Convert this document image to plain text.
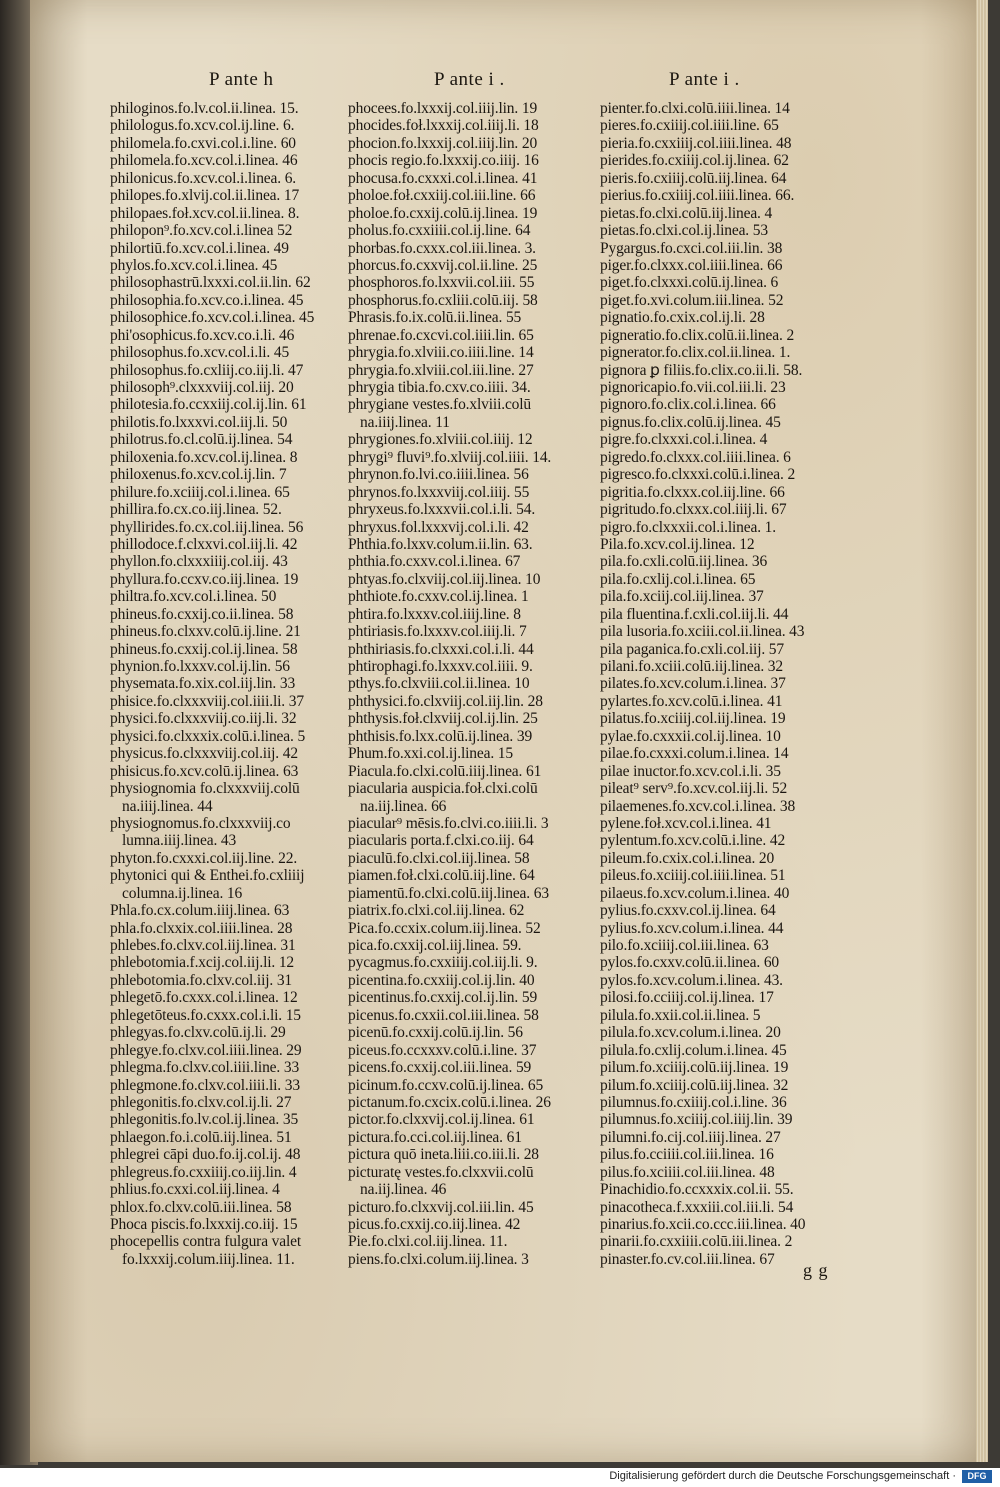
P ante h	P ante i .	P ante i .
philoginos.fo.lv.col.ii.linea. 15.
philologus.fo.xcv.col.ij.line. 6.
philomela.fo.cxvi.col.i.line. 60
philomela.fo.xcv.col.i.linea. 46
philonicus.fo.xcv.col.i.linea. 6.
philopes.fo.xlvij.col.ii.linea. 17
philopaes.foł.xcv.col.ii.linea. 8.
philopon⁹.fo.xcv.col.i.linea 52
philortiū.fo.xcv.col.i.linea. 49
phylos.fo.xcv.col.i.linea. 45
philosophastrū.lxxxi.col.ii.lin. 62
philosophia.fo.xcv.co.i.linea. 45
philosophice.fo.xcv.col.i.linea. 45
phi'osophicus.fo.xcv.co.i.li. 46
philosophus.fo.xcv.col.i.li. 45
philosophus.fo.cxliij.co.iij.li. 47
philosoph⁹.clxxxviij.col.iij. 20
philotesia.fo.ccxxiij.col.ij.lin. 61
philotis.fo.lxxxvi.col.iij.li. 50
philotrus.fo.cl.colū.ij.linea. 54
philoxenia.fo.xcv.col.ij.linea. 8
philoxenus.fo.xcv.col.ij.lin. 7
philure.fo.xciiij.col.i.linea. 65
phillira.fo.cx.co.iij.linea. 52.
phyllirides.fo.cx.col.iij.linea. 56
phillodoce.f.clxxvi.col.iij.li. 42
phyllon.fo.clxxxiiij.col.iij. 43
phyllura.fo.ccxv.co.iij.linea. 19
philtra.fo.xcv.col.i.linea. 50
phineus.fo.cxxij.co.ii.linea. 58
phineus.fo.clxxv.colū.ij.line. 21
phineus.fo.cxxij.col.ij.linea. 58
phynion.fo.lxxxv.col.ij.lin. 56
physemata.fo.xix.col.iij.lin. 33
phisice.fo.clxxxviij.col.iiii.li. 37
physici.fo.clxxxviij.co.iij.li. 32
physici.fo.clxxxix.colū.i.linea. 5
physicus.fo.clxxxviij.col.iij. 42
phisicus.fo.xcv.colū.ij.linea. 63
physiognomia fo.clxxxviij.colū
na.iiij.linea. 44
physiognomus.fo.clxxxviij.co
lumna.iiij.linea. 43
phyton.fo.cxxxi.col.iij.line. 22.
phytonici qui & Enthei.fo.cxliiij
columna.ij.linea. 16
Phla.fo.cx.colum.iiij.linea. 63
phla.fo.clxxix.col.iiii.linea. 28
phlebes.fo.clxv.col.iij.linea. 31
phlebotomia.f.xcij.col.iij.li. 12
phlebotomia.fo.clxv.col.iij. 31
phlegetō.fo.cxxx.col.i.linea. 12
phlegetōteus.fo.cxxx.col.i.li. 15
phlegyas.fo.clxv.colū.ij.li. 29
phlegye.fo.clxv.col.iiii.linea. 29
phlegma.fo.clxv.col.iiii.line. 33
phlegmone.fo.clxv.col.iiii.li. 33
phlegonitis.fo.clxv.col.ij.li. 27
phlegonitis.fo.lv.col.ij.linea. 35
phlaegon.fo.i.colū.iij.linea. 51
phlegrei cāpi duo.fo.ij.col.ij. 48
phlegreus.fo.cxxiiij.co.iij.lin. 4
phlius.fo.cxxi.col.iij.linea. 4
phlox.fo.clxv.colū.iii.linea. 58
Phoca piscis.fo.lxxxij.co.iij. 15
phocepellis contra fulgura valet
fo.lxxxij.colum.iiij.linea. 11.
phocees.fo.lxxxij.col.iiij.lin. 19
phocides.foł.lxxxij.col.iiij.li. 18
phocion.fo.lxxxij.col.iiij.lin. 20
phocis regio.fo.lxxxij.co.iiij. 16
phocusa.fo.cxxxi.col.i.linea. 41
pholoe.foł.cxxiij.col.iii.line. 66
pholoe.fo.cxxij.colū.ij.linea. 19
pholus.fo.cxxiiii.col.ij.line. 64
phorbas.fo.cxxx.col.iii.linea. 3.
phorcus.fo.cxxvij.col.ii.line. 25
phosphoros.fo.lxxvii.col.iii. 55
phosphorus.fo.cxliii.colū.iij. 58
Phrasis.fo.ix.colū.ii.linea. 55
phrenae.fo.cxcvi.col.iiii.lin. 65
phrygia.fo.xlviii.co.iiii.line. 14
phrygia.fo.xlviii.col.iii.line. 27
phrygia tibia.fo.cxv.co.iiii. 34.
phrygiane vestes.fo.xlviii.colū
na.iiij.linea. 11
phrygiones.fo.xlviii.col.iiij. 12
phrygi⁹ fluvi⁹.fo.xlviij.col.iiii. 14.
phrynon.fo.lvi.co.iiii.linea. 56
phrynos.fo.lxxxviij.col.iiij. 55
phryxeus.fo.lxxxvii.col.i.li. 54.
phryxus.fol.lxxxvij.col.i.li. 42
Phthia.fo.lxxv.colum.ii.lin. 63.
phthia.fo.cxxv.col.i.linea. 67
phtyas.fo.clxviij.col.iij.linea. 10
phthiote.fo.cxxv.col.ij.linea. 1
phtira.fo.lxxxv.col.iiij.line. 8
phtiriasis.fo.lxxxv.col.iiij.li. 7
phthiriasis.fo.clxxxi.col.i.li. 44
phtirophagi.fo.lxxxv.col.iiii. 9.
pthys.fo.clxviii.col.ii.linea. 10
phthysici.fo.clxviij.col.iij.lin. 28
phthysis.foł.clxviij.col.ij.lin. 25
phthisis.fo.lxx.colū.ij.linea. 39
Phum.fo.xxi.col.ij.linea. 15
Piacula.fo.clxi.colū.iiij.linea. 61
piacularia auspicia.foł.clxi.colū
na.iij.linea. 66
piacular⁹ mēsis.fo.clvi.co.iiii.li. 3
piacularis porta.f.clxi.co.iij. 64
piaculū.fo.clxi.col.iij.linea. 58
piamen.foł.clxi.colū.iij.line. 64
piamentū.fo.clxi.colū.iij.linea. 63
piatrix.fo.clxi.col.iij.linea. 62
Pica.fo.ccxix.colum.iij.linea. 52
pica.fo.cxxij.col.iij.linea. 59.
pycagmus.fo.cxxiiij.col.iij.li. 9.
picentina.fo.cxxiij.col.ij.lin. 40
picentinus.fo.cxxij.col.ij.lin. 59
picenus.fo.cxxii.col.iii.linea. 58
picenū.fo.cxxij.colū.ij.lin. 56
piceus.fo.ccxxxv.colū.i.line. 37
picens.fo.cxxij.col.iii.linea. 59
picinum.fo.ccxv.colū.ij.linea. 65
pictanum.fo.cxcix.colū.i.linea. 26
pictor.fo.clxxvij.col.ij.linea. 61
pictura.fo.cci.col.iij.linea. 61
pictura quō ineta.liii.co.iii.li. 28
picturatę vestes.fo.clxxvii.colū
na.iij.linea. 46
picturo.fo.clxxvij.col.iii.lin. 45
picus.fo.cxxij.co.iij.linea. 42
Pie.fo.clxi.col.iij.linea. 11.
piens.fo.clxi.colum.iij.linea. 3
pienter.fo.clxi.colū.iiii.linea. 14
pieres.fo.cxiiij.col.iiii.line. 65
pieria.fo.cxxiiij.col.iiii.linea. 48
pierides.fo.cxiiij.col.ij.linea. 62
pieris.fo.cxiiij.colū.iij.linea. 64
pierius.fo.cxiiij.col.iiii.linea. 66.
pietas.fo.clxi.colū.iij.linea. 4
pietas.fo.clxi.col.ij.linea. 53
Pygargus.fo.cxci.col.iii.lin. 38
piger.fo.clxxx.col.iiii.linea. 66
piget.fo.clxxxi.colū.ij.linea. 6
piget.fo.xvi.colum.iii.linea. 52
pignatio.fo.cxix.col.ij.li. 28
pigneratio.fo.clix.colū.ii.linea. 2
pignerator.fo.clix.col.ii.linea. 1.
pignora ꝑ filiis.fo.clix.co.ii.li. 58.
pignoricapio.fo.vii.col.iii.li. 23
pignoro.fo.clix.col.i.linea. 66
pignus.fo.clix.colū.ij.linea. 45
pigre.fo.clxxxi.col.i.linea. 4
pigredo.fo.clxxx.col.iiii.linea. 6
pigresco.fo.clxxxi.colū.i.linea. 2
pigritia.fo.clxxx.col.iij.line. 66
pigritudo.fo.clxxx.col.iiij.li. 67
pigro.fo.clxxxii.col.i.linea. 1.
Pila.fo.xcv.col.ij.linea. 12
pila.fo.cxli.colū.iij.linea. 36
pila.fo.cxlij.col.i.linea. 65
pila.fo.xciij.col.iij.linea. 37
pila fluentina.f.cxli.col.iij.li. 44
pila lusoria.fo.xciii.col.ii.linea. 43
pila paganica.fo.cxli.col.iij. 57
pilani.fo.xciii.colū.iij.linea. 32
pilates.fo.xcv.colum.i.linea. 37
pylartes.fo.xcv.colū.i.linea. 41
pilatus.fo.xciiij.col.iij.linea. 19
pylae.fo.cxxxii.col.ij.linea. 10
pilae.fo.cxxxi.colum.i.linea. 14
pilae inuctor.fo.xcv.col.i.li. 35
pileat⁹ serv⁹.fo.xcv.col.iij.li. 52
pilaemenes.fo.xcv.col.i.linea. 38
pylene.foł.xcv.col.i.linea. 41
pylentum.fo.xcv.colū.i.line. 42
pileum.fo.cxix.col.i.linea. 20
pileus.fo.xciiij.col.iiii.linea. 51
pilaeus.fo.xcv.colum.i.linea. 40
pylius.fo.cxxv.col.ij.linea. 64
pylius.fo.xcv.colum.i.linea. 44
pilo.fo.xciiij.col.iii.linea. 63
pylos.fo.cxxv.colū.ii.linea. 60
pylos.fo.xcv.colum.i.linea. 43.
pilosi.fo.cciiij.col.ij.linea. 17
pilula.fo.xxii.col.ii.linea. 5
pilula.fo.xcv.colum.i.linea. 20
pilula.fo.cxlij.colum.i.linea. 45
pilum.fo.xciiij.colū.iij.linea. 19
pilum.fo.xciiij.colū.iij.linea. 32
pilumnus.fo.cxiiij.col.i.line. 36
pilumnus.fo.xciiij.col.iiij.lin. 39
pilumni.fo.cij.col.iiij.linea. 27
pilus.fo.cciiii.col.iii.linea. 16
pilus.fo.xciiii.col.iii.linea. 48
Pinachidio.fo.ccxxxix.col.ii. 55.
pinacotheca.f.xxxiii.col.iii.li. 54
pinarius.fo.xcii.co.ccc.iii.linea. 40
pinarii.fo.cxxiiii.colū.iii.linea. 2
pinaster.fo.cv.col.iii.linea. 67
g g
Digitalisierung gefördert durch die Deutsche Forschungsgemeinschaft ·	DFG
